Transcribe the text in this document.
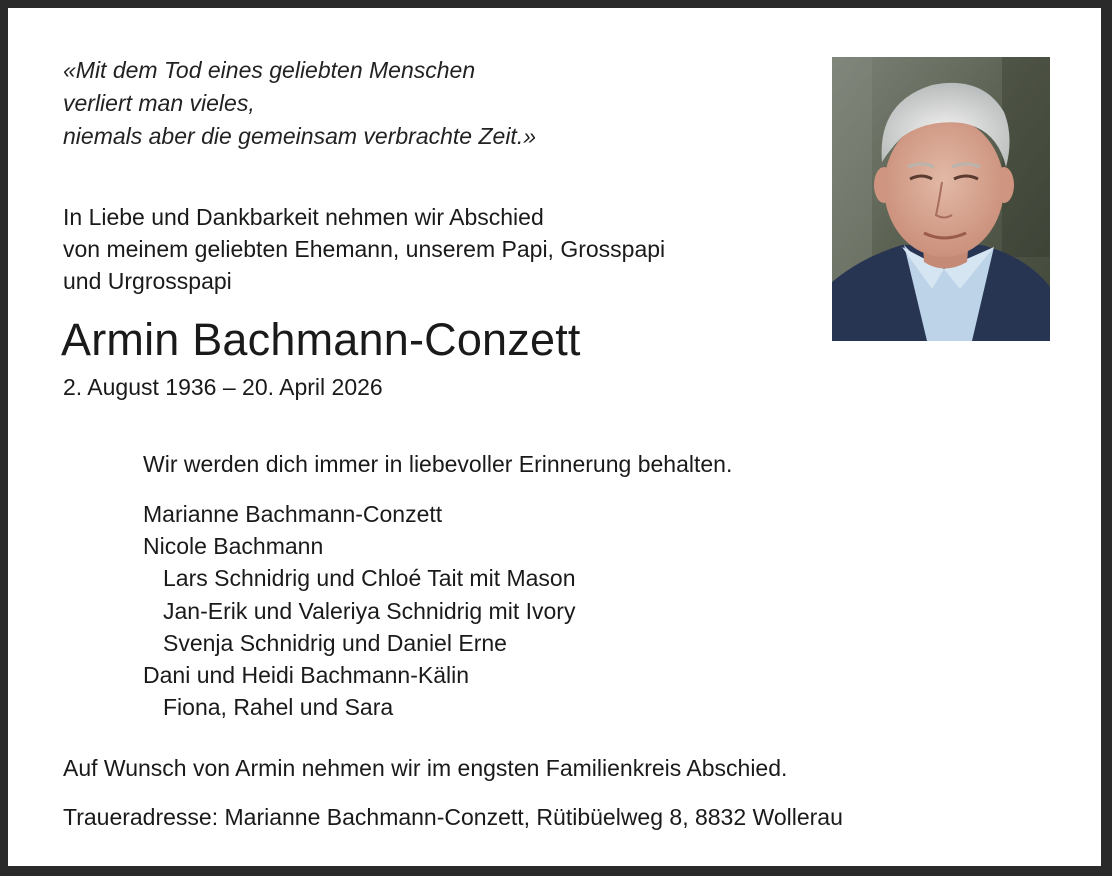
«Mit dem Tod eines geliebten Menschen
verliert man vieles,
niemals aber die gemeinsam verbrachte Zeit.»
In Liebe und Dankbarkeit nehmen wir Abschied
von meinem geliebten Ehemann, unserem Papi, Grosspapi
und Urgrosspapi
Armin Bachmann-Conzett
2. August 1936 – 20. April 2026
Wir werden dich immer in liebevoller Erinnerung behalten.
Marianne Bachmann-Conzett
Nicole Bachmann
Lars Schnidrig und Chloé Tait mit Mason
Jan-Erik und Valeriya Schnidrig mit Ivory
Svenja Schnidrig und Daniel Erne
Dani und Heidi Bachmann-Kälin
Fiona, Rahel und Sara
Auf Wunsch von Armin nehmen wir im engsten Familienkreis Abschied.
Traueradresse: Marianne Bachmann-Conzett, Rütibüelweg 8, 8832 Wollerau
